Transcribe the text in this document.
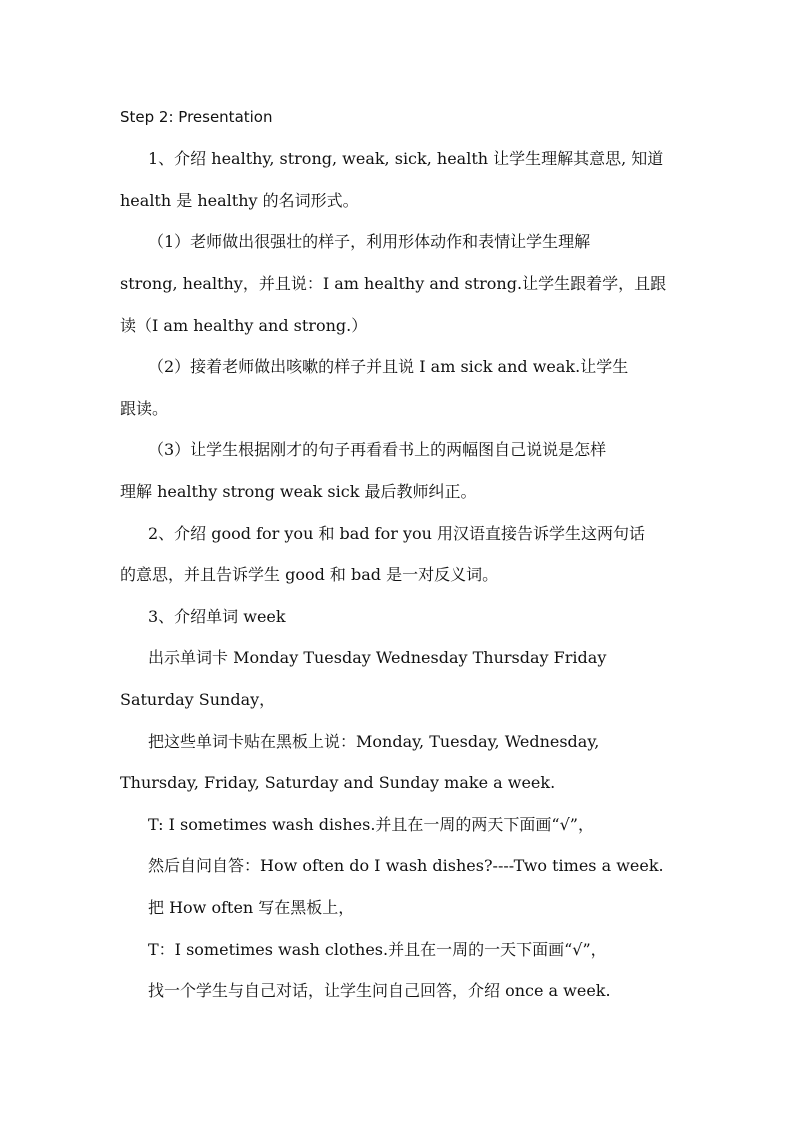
Step 2: Presentation
1、介绍 healthy, strong, weak, sick, health 让学生理解其意思, 知道
health 是 healthy 的名词形式。
（1）老师做出很强壮的样子，利用形体动作和表情让学生理解
strong, healthy，并且说：I am healthy and strong.让学生跟着学，且跟
读（I am healthy and strong.）
（2）接着老师做出咳嗽的样子并且说 I am sick and weak.让学生
跟读。
（3）让学生根据刚才的句子再看看书上的两幅图自己说说是怎样
理解 healthy strong weak sick 最后教师纠正。
2、介绍 good for you 和 bad for you 用汉语直接告诉学生这两句话
的意思，并且告诉学生 good 和 bad 是一对反义词。
3、介绍单词 week
出示单词卡 Monday Tuesday Wednesday Thursday Friday
Saturday Sunday，
把这些单词卡贴在黑板上说：Monday, Tuesday, Wednesday,
Thursday, Friday, Saturday and Sunday make a week.
T: I sometimes wash dishes.并且在一周的两天下面画“√”，
然后自问自答：How often do I wash dishes?----Two times a week.
把 How often 写在黑板上，
T：I sometimes wash clothes.并且在一周的一天下面画“√”，
找一个学生与自己对话，让学生问自己回答，介绍 once a week.
